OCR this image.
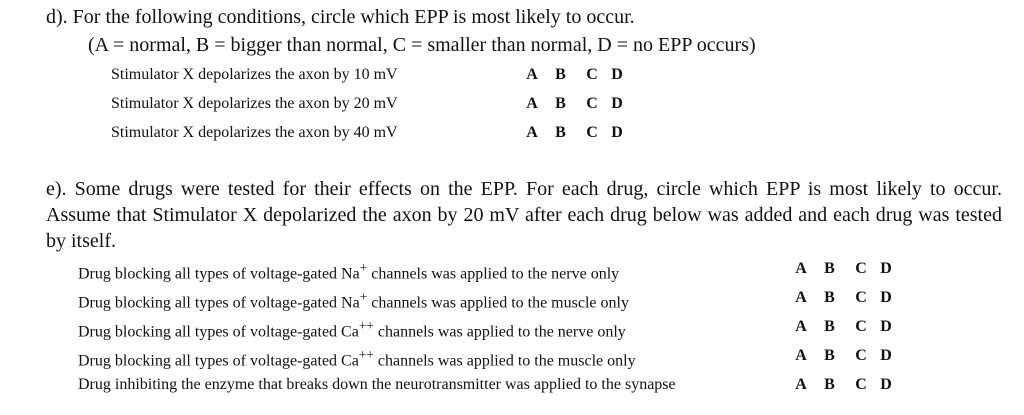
d). For the following conditions, circle which EPP is most likely to occur.
(A = normal, B = bigger than normal, C = smaller than normal, D = no EPP occurs)
Stimulator X depolarizes the axon by 10 mV	A B C D
Stimulator X depolarizes the axon by 20 mV	A B C D
Stimulator X depolarizes the axon by 40 mV	A B C D
e). Some drugs were tested for their effects on the EPP. For each drug, circle which EPP is most likely to occur. Assume that Stimulator X depolarized the axon by 20 mV after each drug below was added and each drug was tested by itself.
Drug blocking all types of voltage-gated Na+ channels was applied to the nerve only	A B C D
Drug blocking all types of voltage-gated Na+ channels was applied to the muscle only	A B C D
Drug blocking all types of voltage-gated Ca++ channels was applied to the nerve only	A B C D
Drug blocking all types of voltage-gated Ca++ channels was applied to the muscle only	A B C D
Drug inhibiting the enzyme that breaks down the neurotransmitter was applied to the synapse	A B C D
